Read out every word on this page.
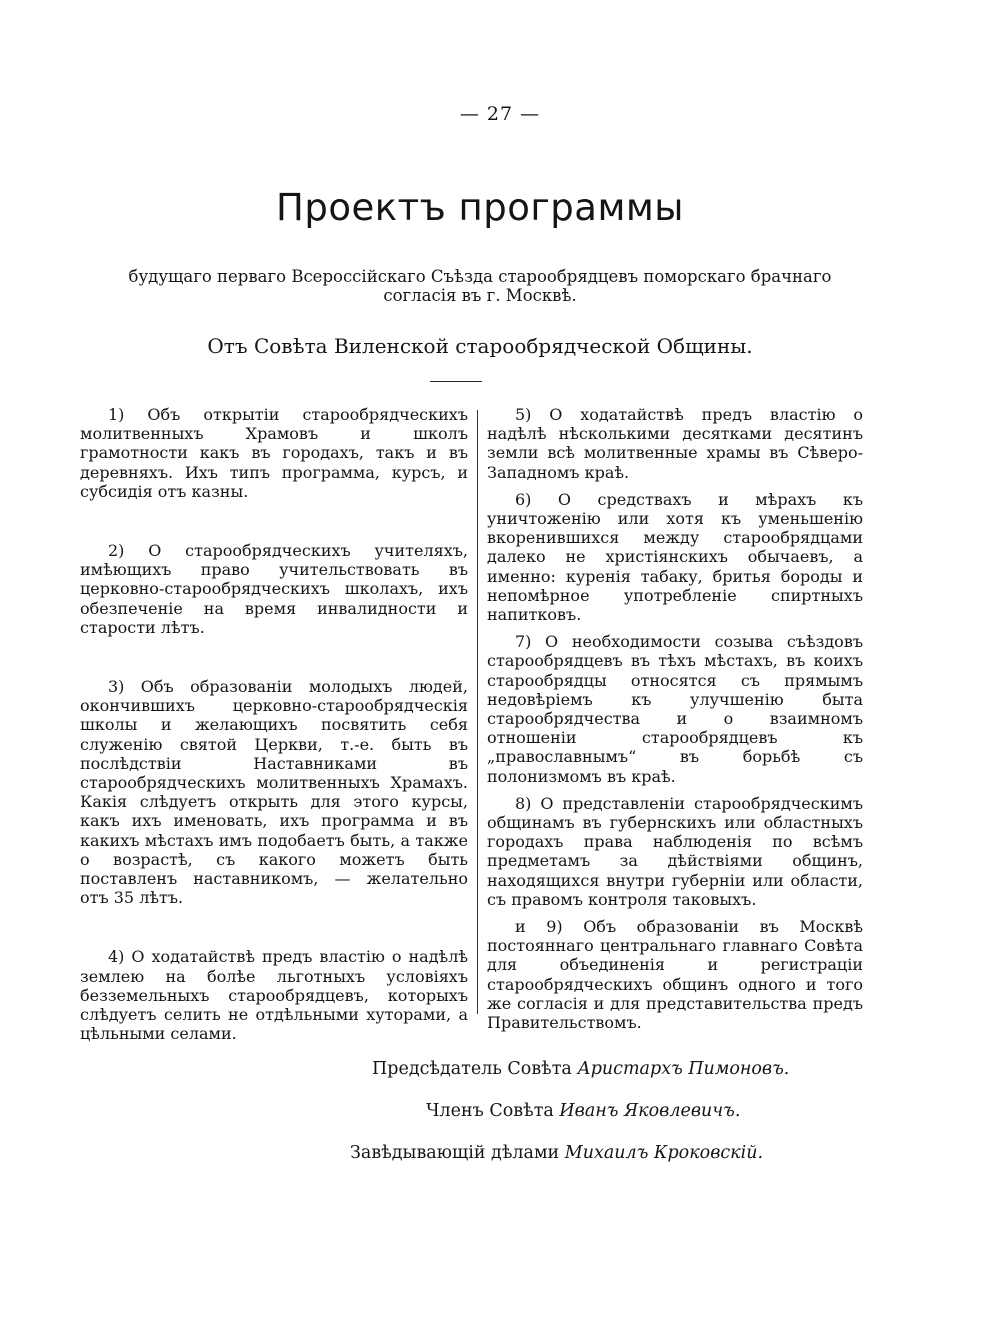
— 27 —
Проектъ программы
будущаго перваго Всероссійскаго Съѣзда старообрядцевъ поморскаго брачнаго согласія въ г. Москвѣ.
Отъ Совѣта Виленской старообрядческой Общины.

1) Объ открытіи старообрядческихъ молитвенныхъ Храмовъ и школъ грамотности какъ въ городахъ, такъ и въ деревняхъ. Ихъ типъ программа, курсъ, и субсидія отъ казны.

2) О старообрядческихъ учителяхъ, имѣющихъ право учительствовать въ церковно-старообрядческихъ школахъ, ихъ обезпеченіе на время инвалидности и старости лѣтъ.

3) Объ образованіи молодыхъ людей, окончившихъ церковно-старообрядческія школы и желающихъ посвятить себя служенію святой Церкви, т.-е. быть въ послѣдствіи Наставниками въ старообрядческихъ молитвенныхъ Храмахъ. Какія слѣдуетъ открыть для этого курсы, какъ ихъ именовать, ихъ программа и въ какихъ мѣстахъ имъ подобаетъ быть, а также о возрастѣ, съ какого можетъ быть поставленъ наставникомъ, — желательно отъ 35 лѣтъ.

4) О ходатайствѣ предъ властію о надѣлѣ землею на болѣе льготныхъ условіяхъ безземельныхъ старообрядцевъ, которыхъ слѣдуетъ селить не отдѣльными хуторами, а цѣльными селами.

5) О ходатайствѣ предъ властію о надѣлѣ нѣсколькими десятками десятинъ земли всѣ молитвенные храмы въ Сѣверо-Западномъ краѣ.

6) О средствахъ и мѣрахъ къ уничтоженію или хотя къ уменьшенію вкоренившихся между старообрядцами далеко не христіянскихъ обычаевъ, а именно: куренія табаку, бритья бороды и непомѣрное употребленіе спиртныхъ напитковъ.

7) О необходимости созыва съѣздовъ старообрядцевъ въ тѣхъ мѣстахъ, въ коихъ старообрядцы относятся съ прямымъ недовѣріемъ къ улучшенію быта старообрядчества и о взаимномъ отношеніи старообрядцевъ къ „православнымъ“ въ борьбѣ съ полонизмомъ въ краѣ.

8) О представленіи старообрядческимъ общинамъ въ губернскихъ или областныхъ городахъ права наблюденія по всѣмъ предметамъ за дѣйствіями общинъ, находящихся внутри губерніи или области, съ правомъ контроля таковыхъ.

и 9) Объ образованіи въ Москвѣ постояннаго центральнаго главнаго Совѣта для объединенія и регистраціи старообрядческихъ общинъ одного и того же согласія и для представительства предъ Правительствомъ.

Предсѣдатель Совѣта Аристархъ Пимоновъ.
Членъ Совѣта Иванъ Яковлевичъ.
Завѣдывающій дѣлами Михаилъ Кроковскій.
